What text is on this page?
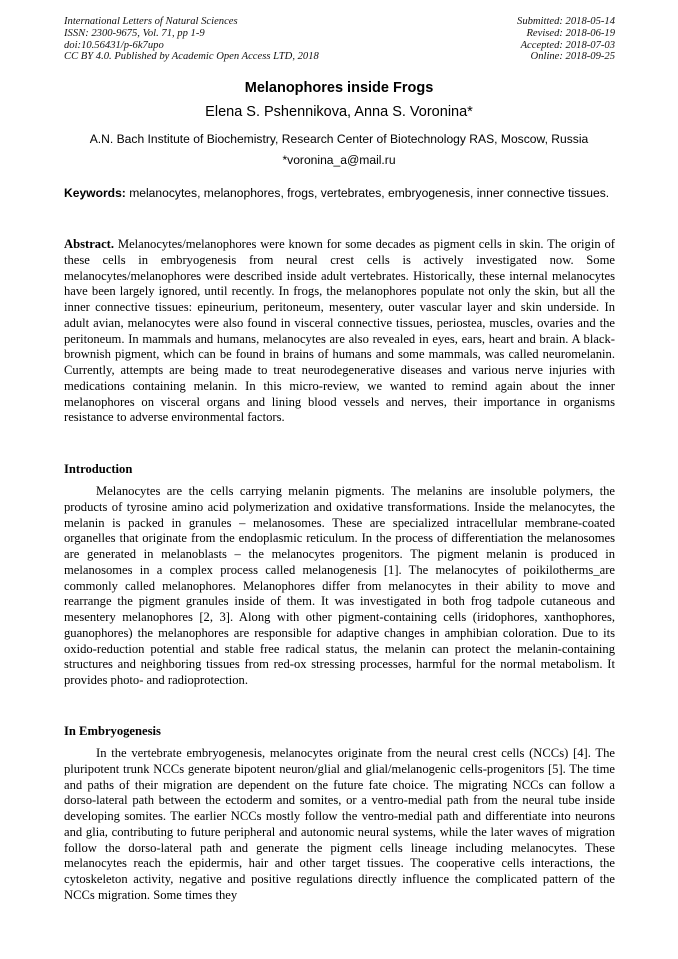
International Letters of Natural Sciences
ISSN: 2300-9675, Vol. 71, pp 1-9
doi:10.56431/p-6k7upo
CC BY 4.0. Published by Academic Open Access LTD, 2018
Submitted: 2018-05-14
Revised: 2018-06-19
Accepted: 2018-07-03
Online: 2018-09-25
Melanophores inside Frogs
Elena S. Pshennikova, Anna S. Voronina*
A.N. Bach Institute of Biochemistry, Research Center of Biotechnology RAS, Moscow, Russia
*voronina_a@mail.ru
Keywords: melanocytes, melanophores, frogs, vertebrates, embryogenesis, inner connective tissues.
Abstract. Melanocytes/melanophores were known for some decades as pigment cells in skin. The origin of these cells in embryogenesis from neural crest cells is actively investigated now. Some melanocytes/melanophores were described inside adult vertebrates. Historically, these internal melanocytes have been largely ignored, until recently. In frogs, the melanophores populate not only the skin, but all the inner connective tissues: epineurium, peritoneum, mesentery, outer vascular layer and skin underside. In adult avian, melanocytes were also found in visceral connective tissues, periostea, muscles, ovaries and the peritoneum. In mammals and humans, melanocytes are also revealed in eyes, ears, heart and brain. A black-brownish pigment, which can be found in brains of humans and some mammals, was called neuromelanin. Currently, attempts are being made to treat neurodegenerative diseases and various nerve injuries with medications containing melanin. In this micro-review, we wanted to remind again about the inner melanophores on visceral organs and lining blood vessels and nerves, their importance in organisms resistance to adverse environmental factors.
Introduction
Melanocytes are the cells carrying melanin pigments. The melanins are insoluble polymers, the products of tyrosine amino acid polymerization and oxidative transformations. Inside the melanocytes, the melanin is packed in granules – melanosomes. These are specialized intracellular membrane-coated organelles that originate from the endoplasmic reticulum. In the process of differentiation the melanosomes are generated in melanoblasts – the melanocytes progenitors. The pigment melanin is produced in melanosomes in a complex process called melanogenesis [1]. The melanocytes of poikilotherms_are commonly called melanophores. Melanophores differ from melanocytes in their ability to move and rearrange the pigment granules inside of them. It was investigated in both frog tadpole cutaneous and mesentery melanophores [2, 3]. Along with other pigment-containing cells (iridophores, xanthophores, guanophores) the melanophores are responsible for adaptive changes in amphibian coloration. Due to its oxido-reduction potential and stable free radical status, the melanin can protect the melanin-containing structures and neighboring tissues from red-ox stressing processes, harmful for the normal metabolism. It provides photo- and radioprotection.
In Embryogenesis
In the vertebrate embryogenesis, melanocytes originate from the neural crest cells (NCCs) [4]. The pluripotent trunk NCCs generate bipotent neuron/glial and glial/melanogenic cells-progenitors [5]. The time and paths of their migration are dependent on the future fate choice. The migrating NCCs can follow a dorso-lateral path between the ectoderm and somites, or a ventro-medial path from the neural tube inside developing somites. The earlier NCCs mostly follow the ventro-medial path and differentiate into neurons and glia, contributing to future peripheral and autonomic neural systems, while the later waves of migration follow the dorso-lateral path and generate the pigment cells lineage including melanocytes. These melanocytes reach the epidermis, hair and other target tissues. The cooperative cells interactions, the cytoskeleton activity, negative and positive regulations directly influence the complicated pattern of the NCCs migration. Some times they
